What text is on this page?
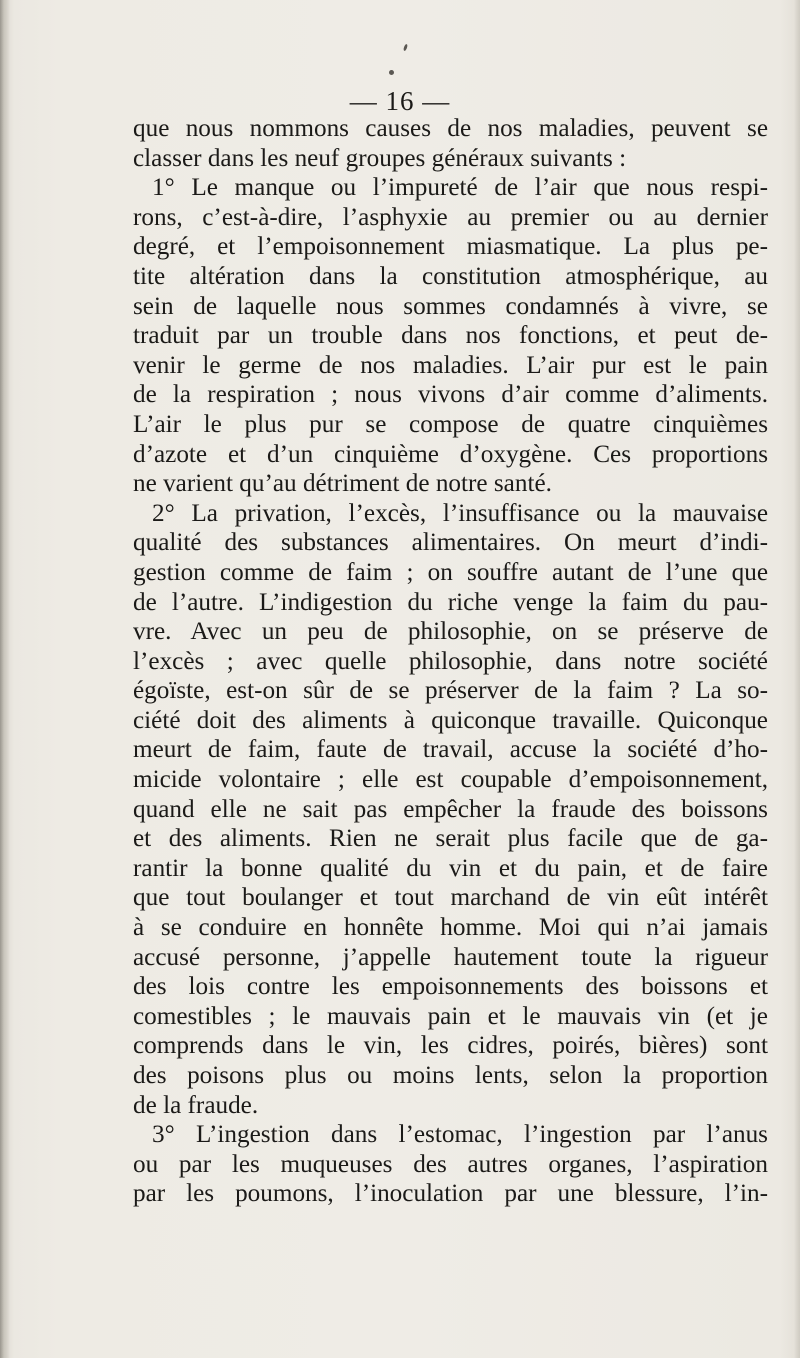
— 16 —
que nous nommons causes de nos maladies, peuvent se
classer dans les neuf groupes généraux suivants :
1° Le manque ou l’impureté de l’air que nous respi-
rons, c’est-à-dire, l’asphyxie au premier ou au dernier
degré, et l’empoisonnement miasmatique. La plus pe-
tite altération dans la constitution atmosphérique, au
sein de laquelle nous sommes condamnés à vivre, se
traduit par un trouble dans nos fonctions, et peut de-
venir le germe de nos maladies. L’air pur est le pain
de la respiration ; nous vivons d’air comme d’aliments.
L’air le plus pur se compose de quatre cinquièmes
d’azote et d’un cinquième d’oxygène. Ces proportions
ne varient qu’au détriment de notre santé.
2° La privation, l’excès, l’insuffisance ou la mauvaise
qualité des substances alimentaires. On meurt d’indi-
gestion comme de faim ; on souffre autant de l’une que
de l’autre. L’indigestion du riche venge la faim du pau-
vre. Avec un peu de philosophie, on se préserve de
l’excès ; avec quelle philosophie, dans notre société
égoïste, est-on sûr de se préserver de la faim ? La so-
ciété doit des aliments à quiconque travaille. Quiconque
meurt de faim, faute de travail, accuse la société d’ho-
micide volontaire ; elle est coupable d’empoisonnement,
quand elle ne sait pas empêcher la fraude des boissons
et des aliments. Rien ne serait plus facile que de ga-
rantir la bonne qualité du vin et du pain, et de faire
que tout boulanger et tout marchand de vin eût intérêt
à se conduire en honnête homme. Moi qui n’ai jamais
accusé personne, j’appelle hautement toute la rigueur
des lois contre les empoisonnements des boissons et
comestibles ; le mauvais pain et le mauvais vin (et je
comprends dans le vin, les cidres, poirés, bières) sont
des poisons plus ou moins lents, selon la proportion
de la fraude.
3° L’ingestion dans l’estomac, l’ingestion par l’anus
ou par les muqueuses des autres organes, l’aspiration
par les poumons, l’inoculation par une blessure, l’in-
